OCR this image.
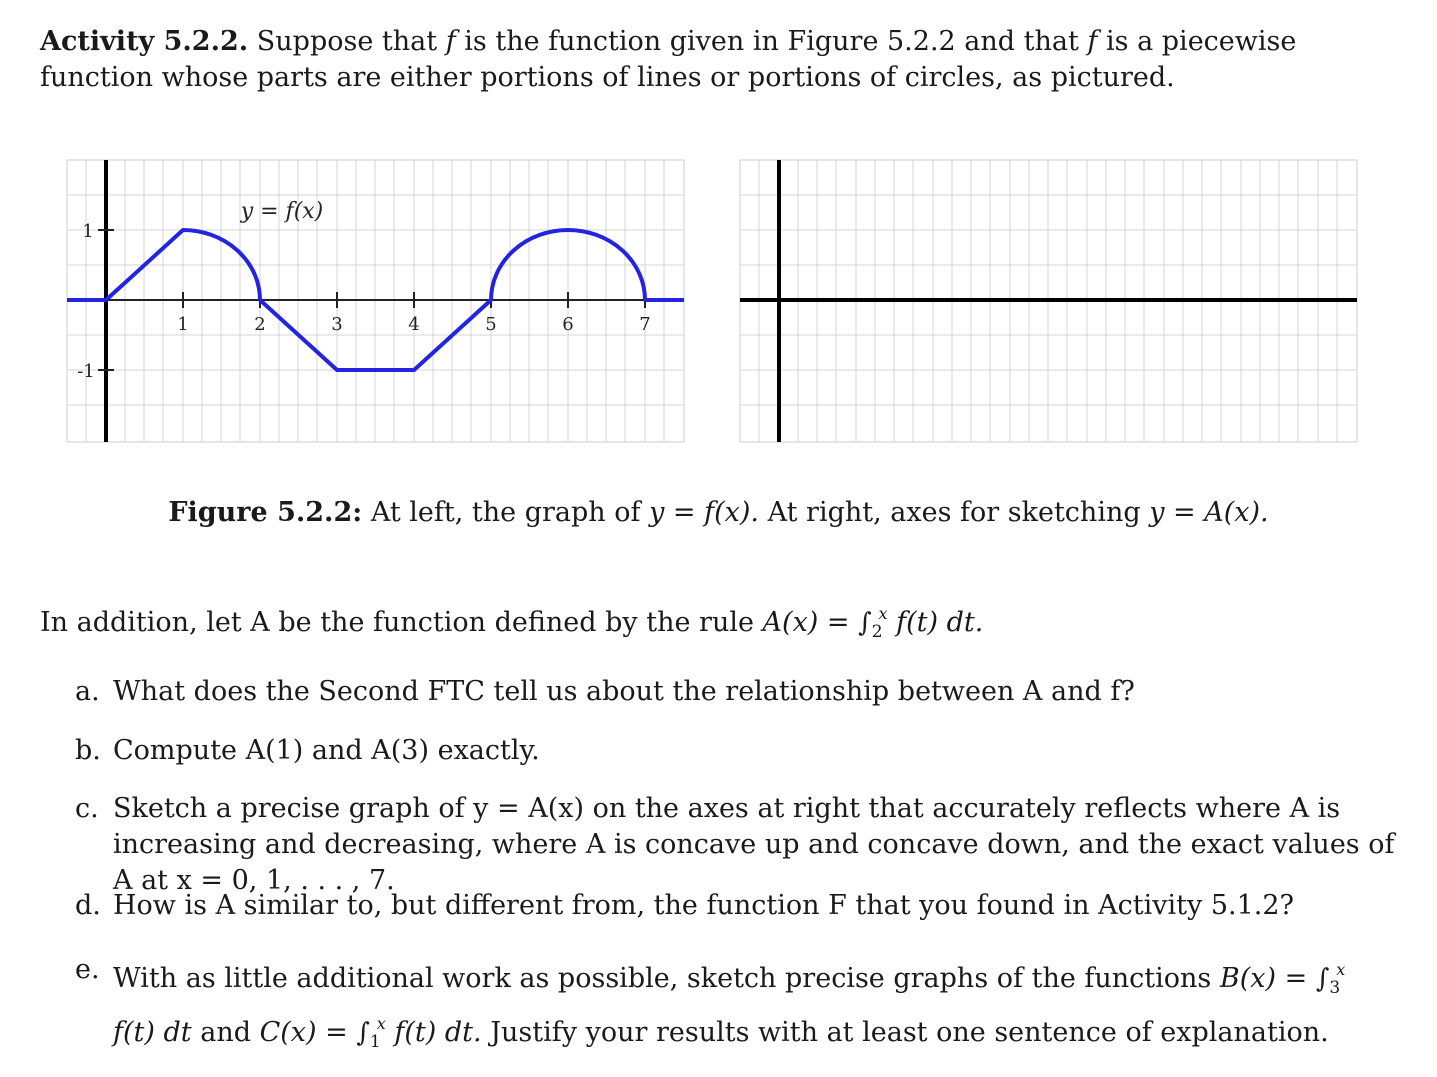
Activity 5.2.2. Suppose that f is the function given in Figure 5.2.2 and that f is a piecewise function whose parts are either portions of lines or portions of circles, as pictured.
1	2	3	4	5	6	7
1
-1
y = f(x)
Figure 5.2.2: At left, the graph of y = f(x). At right, axes for sketching y = A(x).
In addition, let A be the function defined by the rule $A(x) = \int_2^x$ f(t) dt.
a. What does the Second FTC tell us about the relationship between A and f?
b. Compute A(1) and A(3) exactly.
c. Sketch a precise graph of y = A(x) on the axes at right that accurately reflects where A is increasing and decreasing, where A is concave up and concave down, and the exact values of A at x = 0, 1, . . . , 7.
d. How is A similar to, but different from, the function F that you found in Activity 5.1.2?
e. With as little additional work as possible, sketch precise graphs of the functions $B(x) = \int_3^x$ f(t) dt and $C(x) = \int_1^x$ f(t) dt. Justify your results with at least one sentence of explanation.
